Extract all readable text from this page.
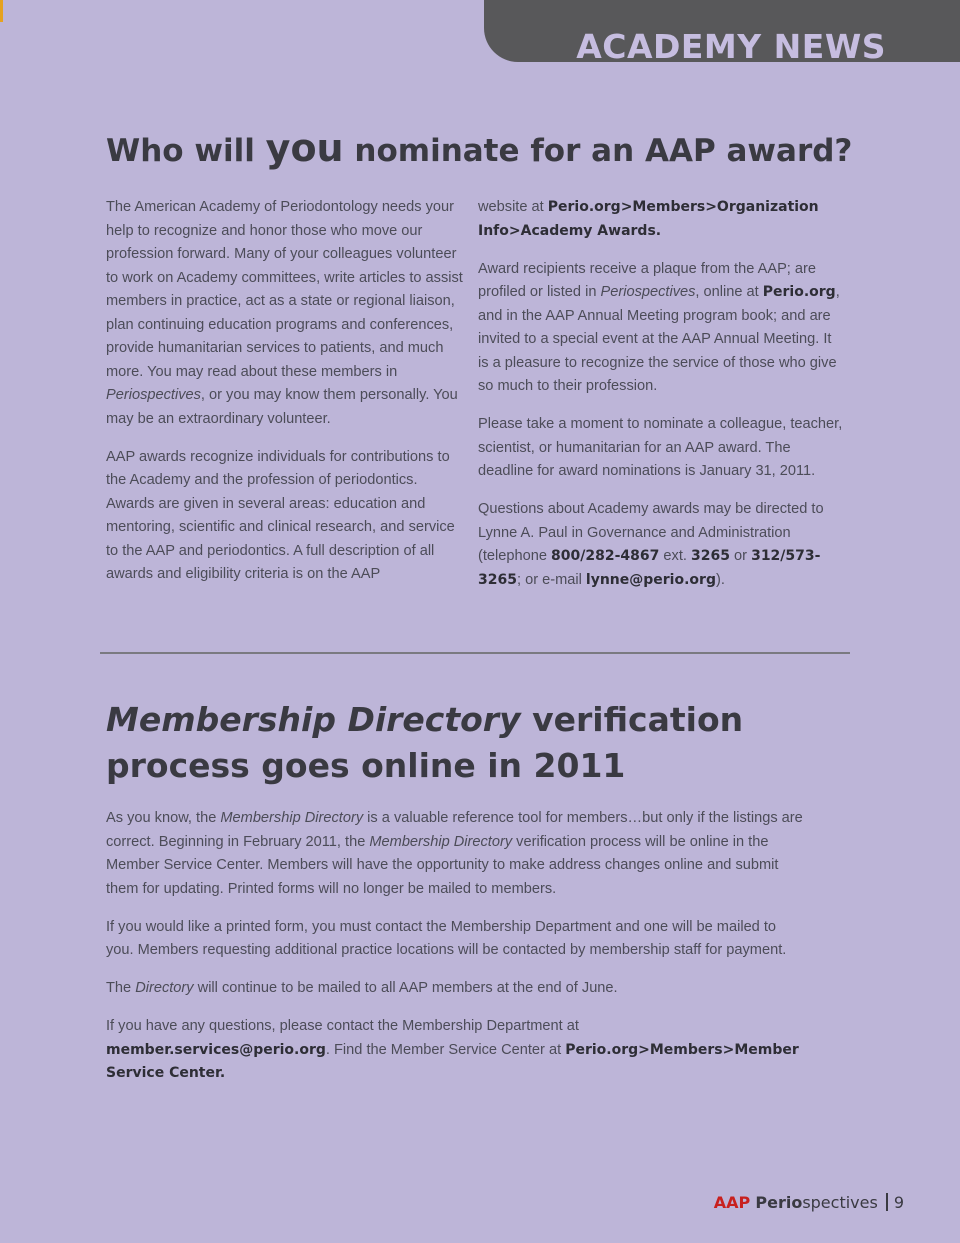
ACADEMY NEWS
Who will you nominate for an AAP award?

The American Academy of Periodontology needs your help to recognize and honor those who move our profession forward. Many of your colleagues volunteer to work on Academy committees, write articles to assist members in practice, act as a state or regional liaison, plan continuing education programs and conferences, provide humanitarian services to patients, and much more. You may read about these members in Periospectives, or you may know them personally. You may be an extraordinary volunteer.

AAP awards recognize individuals for contributions to the Academy and the profession of periodontics. Awards are given in several areas: education and mentoring, scientific and clinical research, and service to the AAP and periodontics. A full description of all awards and eligibility criteria is on the AAP

website at Perio.org>Members>Organization Info>Academy Awards.

Award recipients receive a plaque from the AAP; are profiled or listed in Periospectives, online at Perio.org, and in the AAP Annual Meeting program book; and are invited to a special event at the AAP Annual Meeting. It is a pleasure to recognize the service of those who give so much to their profession.

Please take a moment to nominate a colleague, teacher, scientist, or humanitarian for an AAP award. The deadline for award nominations is January 31, 2011.

Questions about Academy awards may be directed to Lynne A. Paul in Governance and Administration (telephone 800/282-4867 ext. 3265 or 312/573-3265; or e-mail lynne@perio.org).

Membership Directory verification process goes online in 2011

As you know, the Membership Directory is a valuable reference tool for members…but only if the listings are correct. Beginning in February 2011, the Membership Directory verification process will be online in the Member Service Center. Members will have the opportunity to make address changes online and submit them for updating. Printed forms will no longer be mailed to members.

If you would like a printed form, you must contact the Membership Department and one will be mailed to you. Members requesting additional practice locations will be contacted by membership staff for payment.

The Directory will continue to be mailed to all AAP members at the end of June.

If you have any questions, please contact the Membership Department at member.services@perio.org. Find the Member Service Center at Perio.org>Members>Member Service Center.

AAP Periospectives 9
